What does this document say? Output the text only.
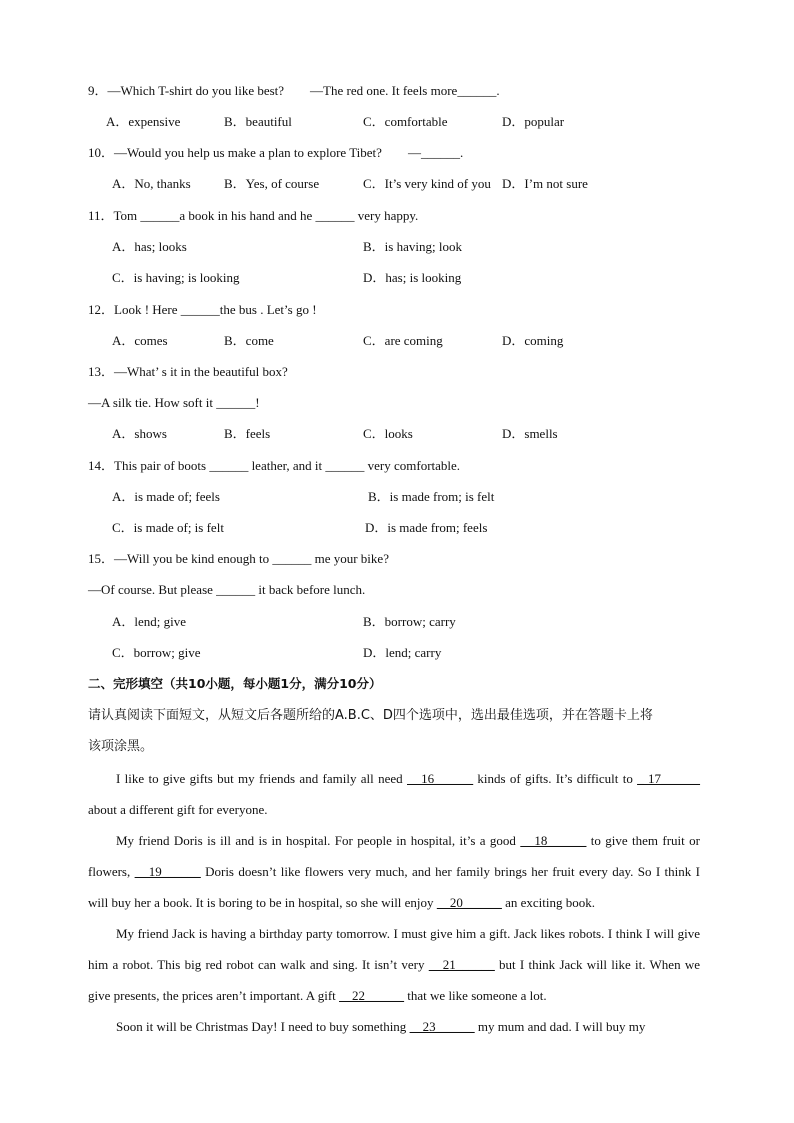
9．—Which T-shirt do you like best?　　—The red one. It feels more______.
A．expensive	B．beautiful	C．comfortable	D．popular
10．—Would you help us make a plan to explore Tibet?　　—______.
A．No, thanks	B．Yes, of course	C．It’s very kind of you D．I’m not sure
11．Tom ______a book in his hand and he ______ very happy.
A．has; looks	B．is having; look
C．is having; is looking	D．has; is looking
12．Look ! Here ______the bus . Let’s go !
A．comes	B．come	C．are coming	D．coming
13．—What’ s it in the beautiful box?
—A silk tie. How soft it ______!
A．shows	B．feels	C．looks	D．smells
14．This pair of boots ______ leather, and it ______ very comfortable.
A．is made of; feels	B．is made from; is felt
C．is made of; is felt	D．is made from; feels
15．—Will you be kind enough to ______ me your bike?
—Of course. But please ______ it back before lunch.
A．lend; give	B．borrow; carry
C．borrow; give	D．lend; carry
二、完形填空（共10小题，每小题1分，满分10分）
请认真阅读下面短文，从短文后各题所给的A.B.C、D四个选项中，选出最佳选项，并在答题卡上将
该项涂黑。

I like to give gifts but my friends and family all need 　16______ kinds of gifts. It’s difficult to _ 17______ about a different gift for everyone.

My friend Doris is ill and is in hospital. For people in hospital, it’s a good 　18______ to give them fruit or flowers, 　19______ Doris doesn’t like flowers very much, and her family brings her fruit every day. So I think I will buy her a book. It is boring to be in hospital, so she will enjoy 　20______ an exciting book.

My friend Jack is having a birthday party tomorrow. I must give him a gift. Jack likes robots. I think I will give him a robot. This big red robot can walk and sing. It isn’t very 　21______ but I think Jack will like it. When we give presents, the prices aren’t important. A gift 　22______ that we like someone a lot.

Soon it will be Christmas Day! I need to buy something 　23______ my mum and dad. I will buy my
